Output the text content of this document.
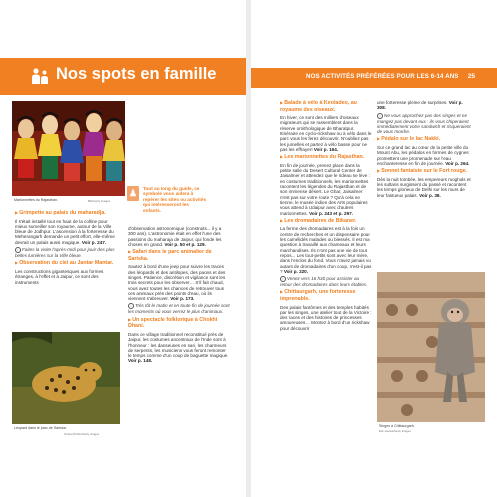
Nos spots en famille
Marionnettes du Rajasthan.	Bibi/Getty Images
♟	Tout au long du guide, ce symbole vous aidera à repérer les sites ou activités qui intéresseront les enfants.

▶ Grimpette au palais du maharadja.

Il s'était installé tout en haut de la colline pour mieux surveiller son royaume, autour de la Ville bleue de Jodhpur. L'ascension à la forteresse du Meherangarh demande un petit effort, elle-même devrait un palais aussi magique. Voir p. 247.

i Faites la visite l'après-midi pour jouir des plus belles lumières sur la Ville bleue.

▶ Observation du ciel au Jantar Mantar.

Les constructions gigantesques aux formes étranges, à l'effet et à Jaipur, ce sont des instruments

Léopard dans le parc de Sariska.
Ondrej Pichler/Getty Images

d'observation astronomique (construits... il y a 300 ans). L'astronomie était en effet l'une des passions du maharaja de Jaipur, qui fonde les choses en grand. Voir p. 50 et p. 129.

▶ Safari dans le parc animalier de Sariska.

Sautez à bord d'une jeep pour suivre les traces des léopards et des antilopes, des paons et des singes. Patience, discrétion et vigilance sont les trois secrets pour les observer… S'il fait chaud, vous avez toutes les chances de retrouver tous ces animaux près des points d'eau, où ils viennent s'abreuver. Voir p. 173.

i Très tôt le matin et en toute fin de journée sont les moments où vous verrez le plus d'animaux.

▶ Un spectacle folklorique à Chokhi Dhani.

Dans ce village traditionnel reconstitué près de Jaipur, les costumes ancestraux de l'Inde sont à l'honneur : les danseuses en sari, les charmeurs de serpents, les musiciens vous feront remonter le temps comme d'un coup de baguette magique. Voir p. 148.

NOS ACTIVITÉS PRÉFÉRÉES POUR LES 6-14 ANS 25

▶ Balade à vélo à Keoladeo, au royaume des oiseaux.

En hiver, ce sont des milliers d'oiseaux migrateurs qui se rassemblent dans la réserve ornithologique de Bharatpur. Itinéraire en cyclo-rickshaw ou à vélo dans le parc vous les ferez découvrir. N'oubliez pas les jumelles et partez à vélo basse pour ne pas les effrayer! Voir p. 164.

▶ Les marionnettes du Rajasthan.

En fin de journée, prenez place dans la petite salle du Desert Cultural Center de Jaisalmer et attendez que le rideau se lève : en costumes traditionnels, les marionnettes racontent les légendes du Rajasthan et de son immense désert. Le Ghar, Jaisalmer n'est pas sur votre route ? Qu'à cela ne tienne, le musée indien des Arts populaires vous attend à Udaipur avec d'autres marionnettes. Voir p. 243 et p. 297.

▶ Les dromadaires de Bikaner.

La ferme des dromadaires est à la fois un centre de recherches et un dispensaire pour les camélidés malades ou blessés. Il est ma question à travaillé aux chameaux et leurs marchandises. Ils n'ont pas une vie de tout repos... Les tout-petits sont avec leur mère, dans l'enclos du fond. Vous n'avez jamais vu autant de dromadaires d'un coup, n'est-il pas ? Voir p. 220.

i Venez vers 16 h30 pour assister au retour des dromadaires dans leurs étables.

▶ Chittaurgarh, une forteresse imprenable.

Des palais fantômes et des temples habités par les singes, une atelier tout de la Victoire : des races et des histoires de princesses amoureuses… Montez à bord d'un rickshaw pour découvrir

une forteresse pleine de surprises. Voir p. 308.

i Ne vous approchez pas des singes et ne mangez pas devant eux : ils vous chiperaient immédiatement votre sandwich et risqueraient de vous mordre.

▶ Pédalo sur le lac Nakki.

Sur ce grand lac au cœur de la petite ville du Mount Abu, les pédalos en formes de cygnes promettent une promenade sur l'eau enchanteresse en fin de journée. Voir p. 264.

▶ Sonnet fantaisie sur le Fort rouge.

Dès la nuit tombée, les empereurs moghols et les sultans surgissent du passé et racontent les temps glorieux de Delhi sur les murs de leur fastueux palais. Voir p. 38.

Singes à Chittaurgarh.
Eric Isselee/Getty Images
